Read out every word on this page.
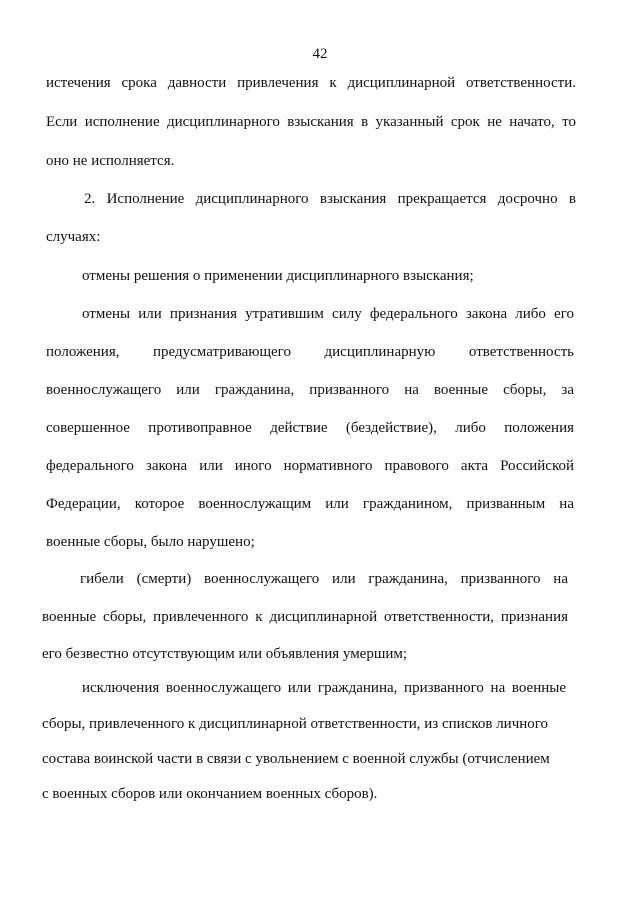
42
истечения срока давности привлечения к дисциплинарной ответственности.
Если исполнение дисциплинарного взыскания в указанный срок не начато, то
оно не исполняется.
2. Исполнение дисциплинарного взыскания прекращается досрочно в
случаях:
отмены решения о применении дисциплинарного взыскания;
отмены или признания утратившим силу федерального закона либо его
положения, предусматривающего дисциплинарную ответственность
военнослужащего или гражданина, призванного на военные сборы, за
совершенное противоправное действие (бездействие), либо положения
федерального закона или иного нормативного правового акта Российской
Федерации, которое военнослужащим или гражданином, призванным на
военные сборы, было нарушено;
гибели (смерти) военнослужащего или гражданина, призванного на
военные сборы, привлеченного к дисциплинарной ответственности, признания
его безвестно отсутствующим или объявления умершим;
исключения военнослужащего или гражданина, призванного на военные
сборы, привлеченного к дисциплинарной ответственности, из списков личного
состава воинской части в связи с увольнением с военной службы (отчислением
с военных сборов или окончанием военных сборов).
